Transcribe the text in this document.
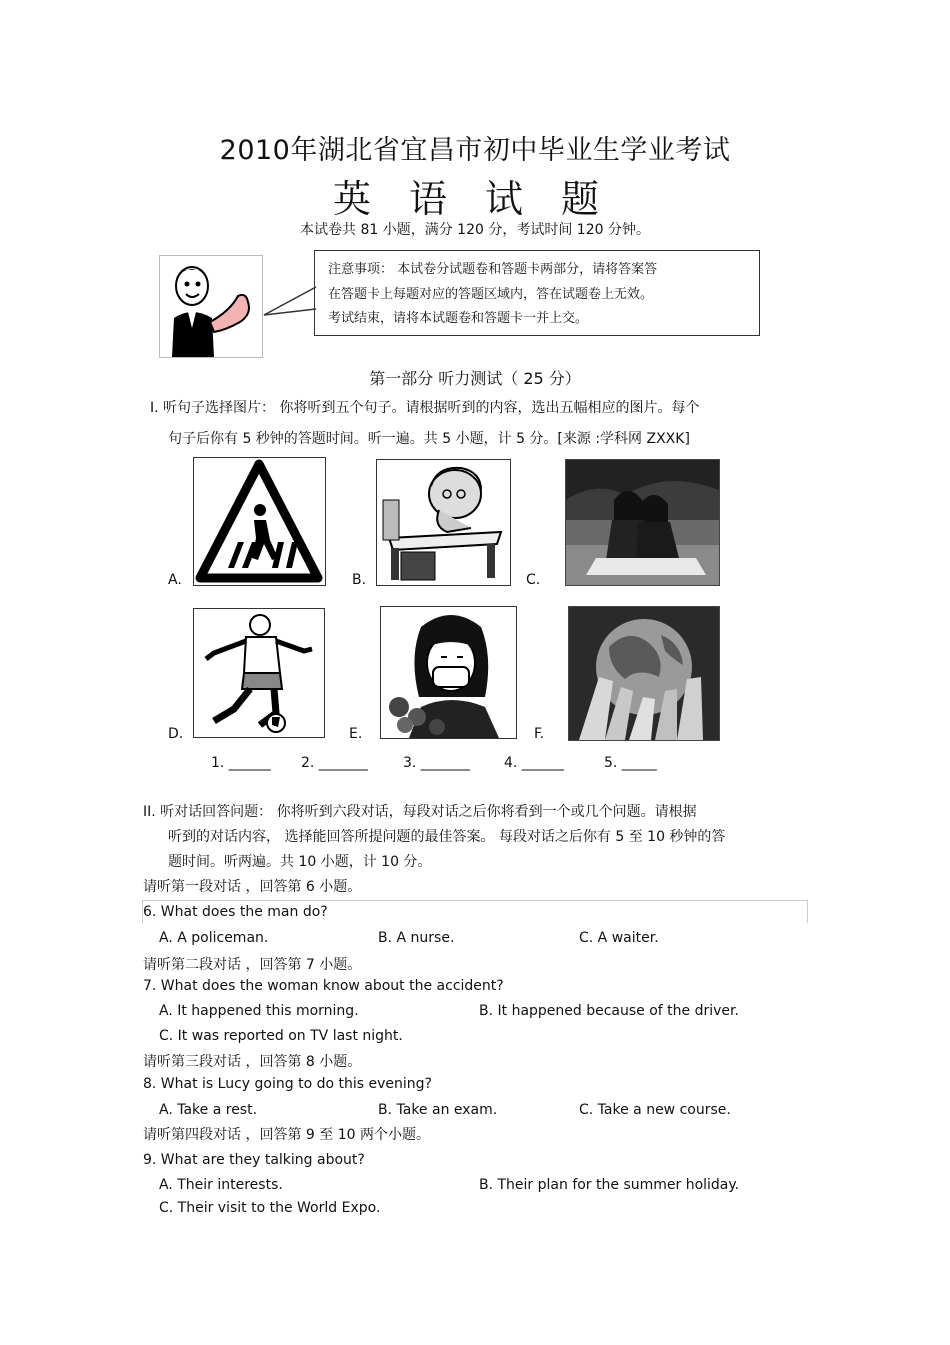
2010年湖北省宜昌市初中毕业生学业考试
英语试题
本试卷共 81 小题，满分 120 分，考试时间 120 分钟。
注意事项： 本试卷分试题卷和答题卡两部分，请将答案答
在答题卡上每题对应的答题区域内，答在试题卷上无效。
考试结束，请将本试题卷和答题卡一并上交。
第一部分 听力测试（ 25 分）
I. 听句子选择图片： 你将听到五个句子。请根据听到的内容，选出五幅相应的图片。每个
句子后你有 5 秒钟的答题时间。听一遍。共 5 小题，计 5 分。[来源 :学科网 ZXXK]
A.	B.	C.
D.	E.	F.
1. ______ 2. _______	3. _______ 4. ______	5. _____
II. 听对话回答问题： 你将听到六段对话，每段对话之后你将看到一个或几个问题。请根据
听到的对话内容， 选择能回答所提问题的最佳答案。 每段对话之后你有 5 至 10 秒钟的答
题时间。听两遍。共 10 小题，计 10 分。
请听第一段对话 ，回答第 6 小题。
6. What does the man do?
A. A policeman.	B. A nurse.	C. A waiter.
请听第二段对话 ，回答第 7 小题。
7. What does the woman know about the accident?
A. It happened this morning.	B. It happened because of the driver.
C. It was reported on TV last night.
请听第三段对话 ，回答第 8 小题。
8. What is Lucy going to do this evening?
A. Take a rest.	B. Take an exam.	C. Take a new course.
请听第四段对话 ，回答第 9 至 10 两个小题。
9. What are they talking about?
A. Their interests.	B. Their plan for the summer holiday.
C. Their visit to the World Expo.
